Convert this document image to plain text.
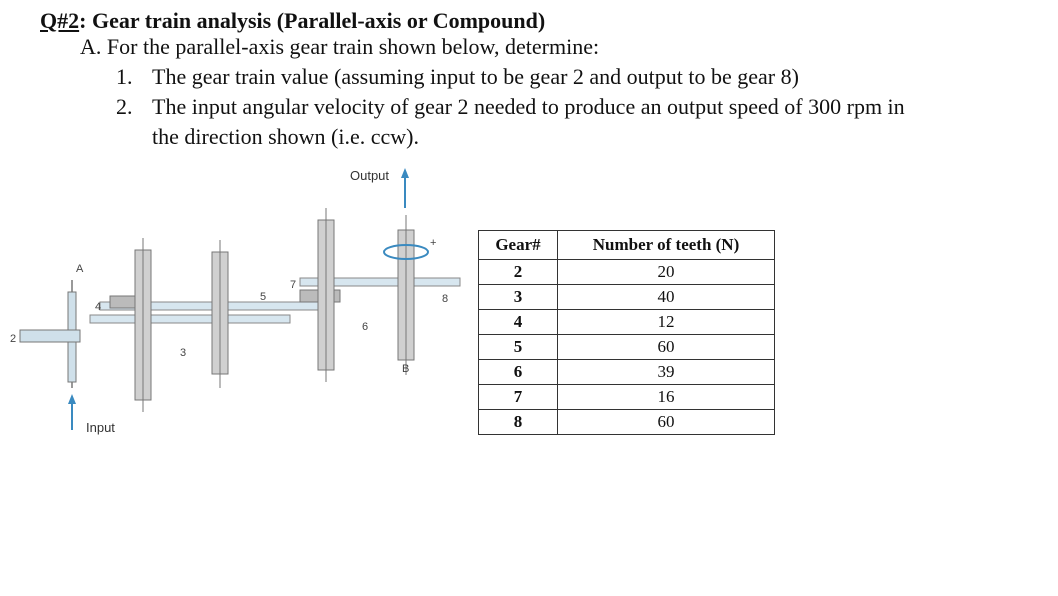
Q#2: Gear train analysis (Parallel-axis or Compound)
A. For the parallel-axis gear train shown below, determine:
1. The gear train value (assuming input to be gear 2 and output to be gear 8)
2. The input angular velocity of gear 2 needed to produce an output speed of 300 rpm in
the direction shown (i.e. ccw).
Output
Input
A
B
+
2
3
4
5
6
7
8
Gear#	Number of teeth (N)
2	20
3	40
4	12
5	60
6	39
7	16
8	60
